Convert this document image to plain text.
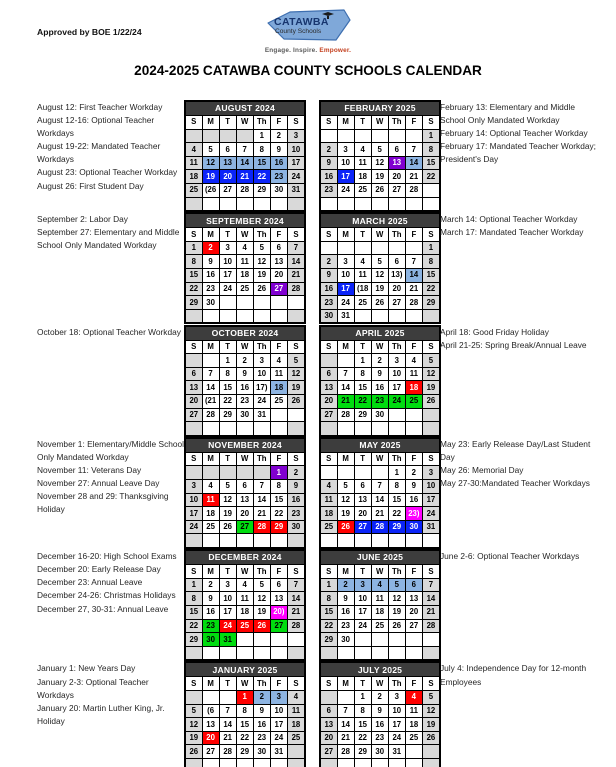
Approved by BOE 1/22/24
CATAWBA
County Schools
Engage. Inspire. Empower.
2024-2025 CATAWBA COUNTY SCHOOLS CALENDAR
August 12: First Teacher Workday
August 12-16: Optional Teacher Workdays
August 19-22: Mandated Teacher Workdays
August 23: Optional Teacher Workday
August 26: First Student Day
AUGUST 2024						
S	M	T	W	Th	F	S
				1	2	3
4	5	6	7	8	9	10
11	12	13	14	15	16	17
18	19	20	21	22	23	24
25	(26	27	28	29	30	31

FEBRUARY 2025						
S	M	T	W	Th	F	S
						1
2	3	4	5	6	7	8
9	10	11	12	13	14	15
16	17	18	19	20	21	22
23	24	25	26	27	28	

February 13: Elementary and Middle School Only Mandated Workday
February 14: Optional Teacher Workday
February 17: Mandated Teacher Workday; President's Day
September 2: Labor Day
September 27: Elementary and Middle School Only Mandated Workday
SEPTEMBER 2024						
S	M	T	W	Th	F	S
1	2	3	4	5	6	7
8	9	10	11	12	13	14
15	16	17	18	19	20	21
22	23	24	25	26	27	28
29	30					

MARCH 2025						
S	M	T	W	Th	F	S
						1
2	3	4	5	6	7	8
9	10	11	12	13)	14	15
16	17	(18	19	20	21	22
23	24	25	26	27	28	29
30	31					
March 14: Optional Teacher Workday
March 17: Mandated Teacher Workday
October 18: Optional Teacher Workday	OCTOBER 2024						
S	M	T	W	Th	F	S
		1	2	3	4	5
6	7	8	9	10	11	12
13	14	15	16	17)	18	19
20	(21	22	23	24	25	26
27	28	29	30	31		

APRIL 2025						
S	M	T	W	Th	F	S
		1	2	3	4	5
6	7	8	9	10	11	12
13	14	15	16	17	18	19
20	21	22	23	24	25	26
27	28	29	30			

April 18: Good Friday Holiday
April 21-25: Spring Break/Annual Leave
November 1: Elementary/Middle School Only Mandated Workday
November 11: Veterans Day
November 27: Annual Leave Day
November 28 and 29: Thanksgiving Holiday
NOVEMBER 2024						
S	M	T	W	Th	F	S
					1	2
3	4	5	6	7	8	9
10	11	12	13	14	15	16
17	18	19	20	21	22	23
24	25	26	27	28	29	30

MAY 2025						
S	M	T	W	Th	F	S
				1	2	3
4	5	6	7	8	9	10
11	12	13	14	15	16	17
18	19	20	21	22	23)	24
25	26	27	28	29	30	31

May 23: Early Release Day/Last Student Day
May 26: Memorial Day
May 27-30:Mandated Teacher Workdays
December 16-20: High School Exams
December 20: Early Release Day
December 23: Annual Leave
December 24-26: Christmas Holidays
December 27, 30-31: Annual Leave
DECEMBER 2024						
S	M	T	W	Th	F	S
1	2	3	4	5	6	7
8	9	10	11	12	13	14
15	16	17	18	19	20)	21
22	23	24	25	26	27	28
29	30	31				

JUNE 2025						
S	M	T	W	Th	F	S
1	2	3	4	5	6	7
8	9	10	11	12	13	14
15	16	17	18	19	20	21
22	23	24	25	26	27	28
29	30					

June 2-6: Optional Teacher Workdays
January 1: New Years Day
January 2-3: Optional Teacher Workdays
January 20: Martin Luther King, Jr. Holiday
JANUARY 2025						
S	M	T	W	Th	F	S
			1	2	3	4
5	(6	7	8	9	10	11
12	13	14	15	16	17	18
19	20	21	22	23	24	25
26	27	28	29	30	31	

JULY 2025						
S	M	T	W	Th	F	S
		1	2	3	4	5
6	7	8	9	10	11	12
13	14	15	16	17	18	19
20	21	22	23	24	25	26
27	28	29	30	31		

July 4: Independence Day for 12-month Employees
